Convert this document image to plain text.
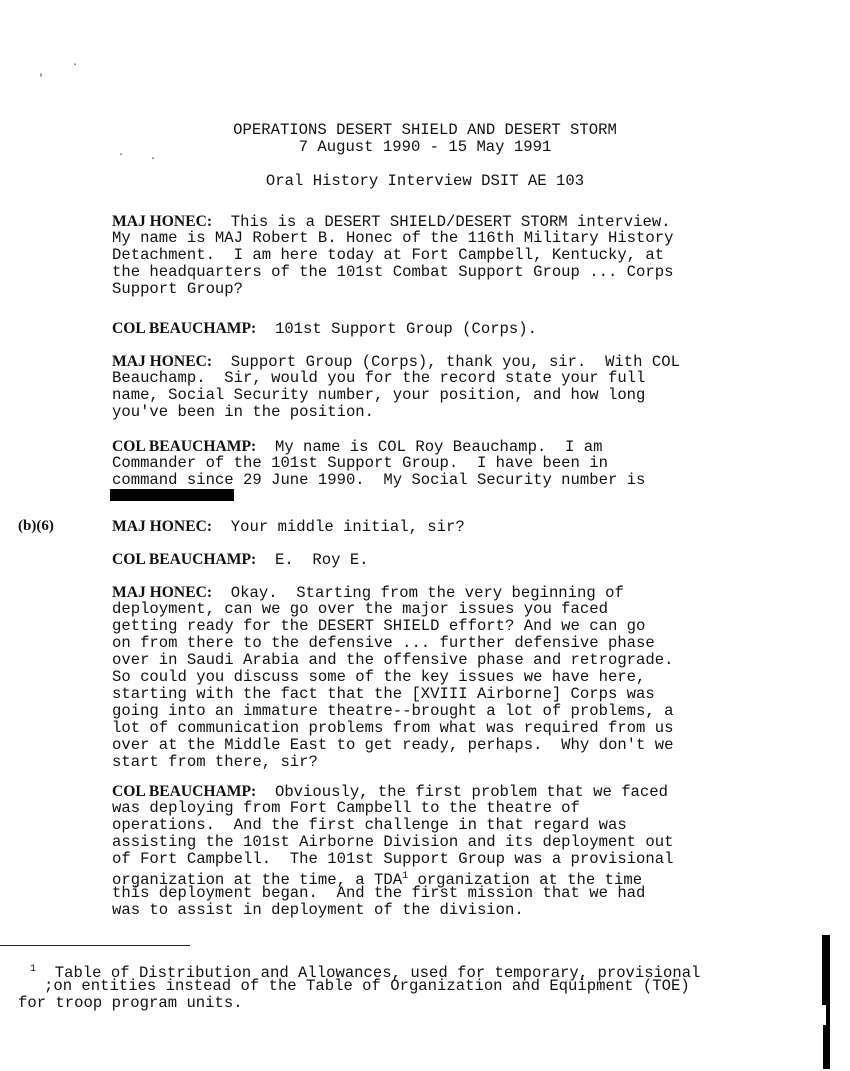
OPERATIONS DESERT SHIELD AND DESERT STORM
7 August 1990 - 15 May 1991
Oral History Interview DSIT AE 103
MAJ HONEC:  This is a DESERT SHIELD/DESERT STORM interview.
My name is MAJ Robert B. Honec of the 116th Military History
Detachment.  I am here today at Fort Campbell, Kentucky, at
the headquarters of the 101st Combat Support Group ... Corps
Support Group?
COL BEAUCHAMP:  101st Support Group (Corps).
MAJ HONEC:  Support Group (Corps), thank you, sir.  With COL
Beauchamp.  Sir, would you for the record state your full
name, Social Security number, your position, and how long
you've been in the position.
COL BEAUCHAMP:  My name is COL Roy Beauchamp.  I am
Commander of the 101st Support Group.  I have been in
command since 29 June 1990.  My Social Security number is
MAJ HONEC:  Your middle initial, sir?
COL BEAUCHAMP:  E.  Roy E.
MAJ HONEC:  Okay.  Starting from the very beginning of
deployment, can we go over the major issues you faced
getting ready for the DESERT SHIELD effort? And we can go
on from there to the defensive ... further defensive phase
over in Saudi Arabia and the offensive phase and retrograde.
So could you discuss some of the key issues we have here,
starting with the fact that the [XVIII Airborne] Corps was
going into an immature theatre--brought a lot of problems, a
lot of communication problems from what was required from us
over at the Middle East to get ready, perhaps.  Why don't we
start from there, sir?
COL BEAUCHAMP:  Obviously, the first problem that we faced
was deploying from Fort Campbell to the theatre of
operations.  And the first challenge in that regard was
assisting the 101st Airborne Division and its deployment out
of Fort Campbell.  The 101st Support Group was a provisional
organization at the time, a TDA$^1$ organization at the time
this deployment began.  And the first mission that we had
was to assist in deployment of the division.
(b)(6)
$^1$  Table of Distribution and Allowances, used for temporary, provisional
;on entities instead of the Table of Organization and Equipment (TOE)
for troop program units.
'
.
.	.
